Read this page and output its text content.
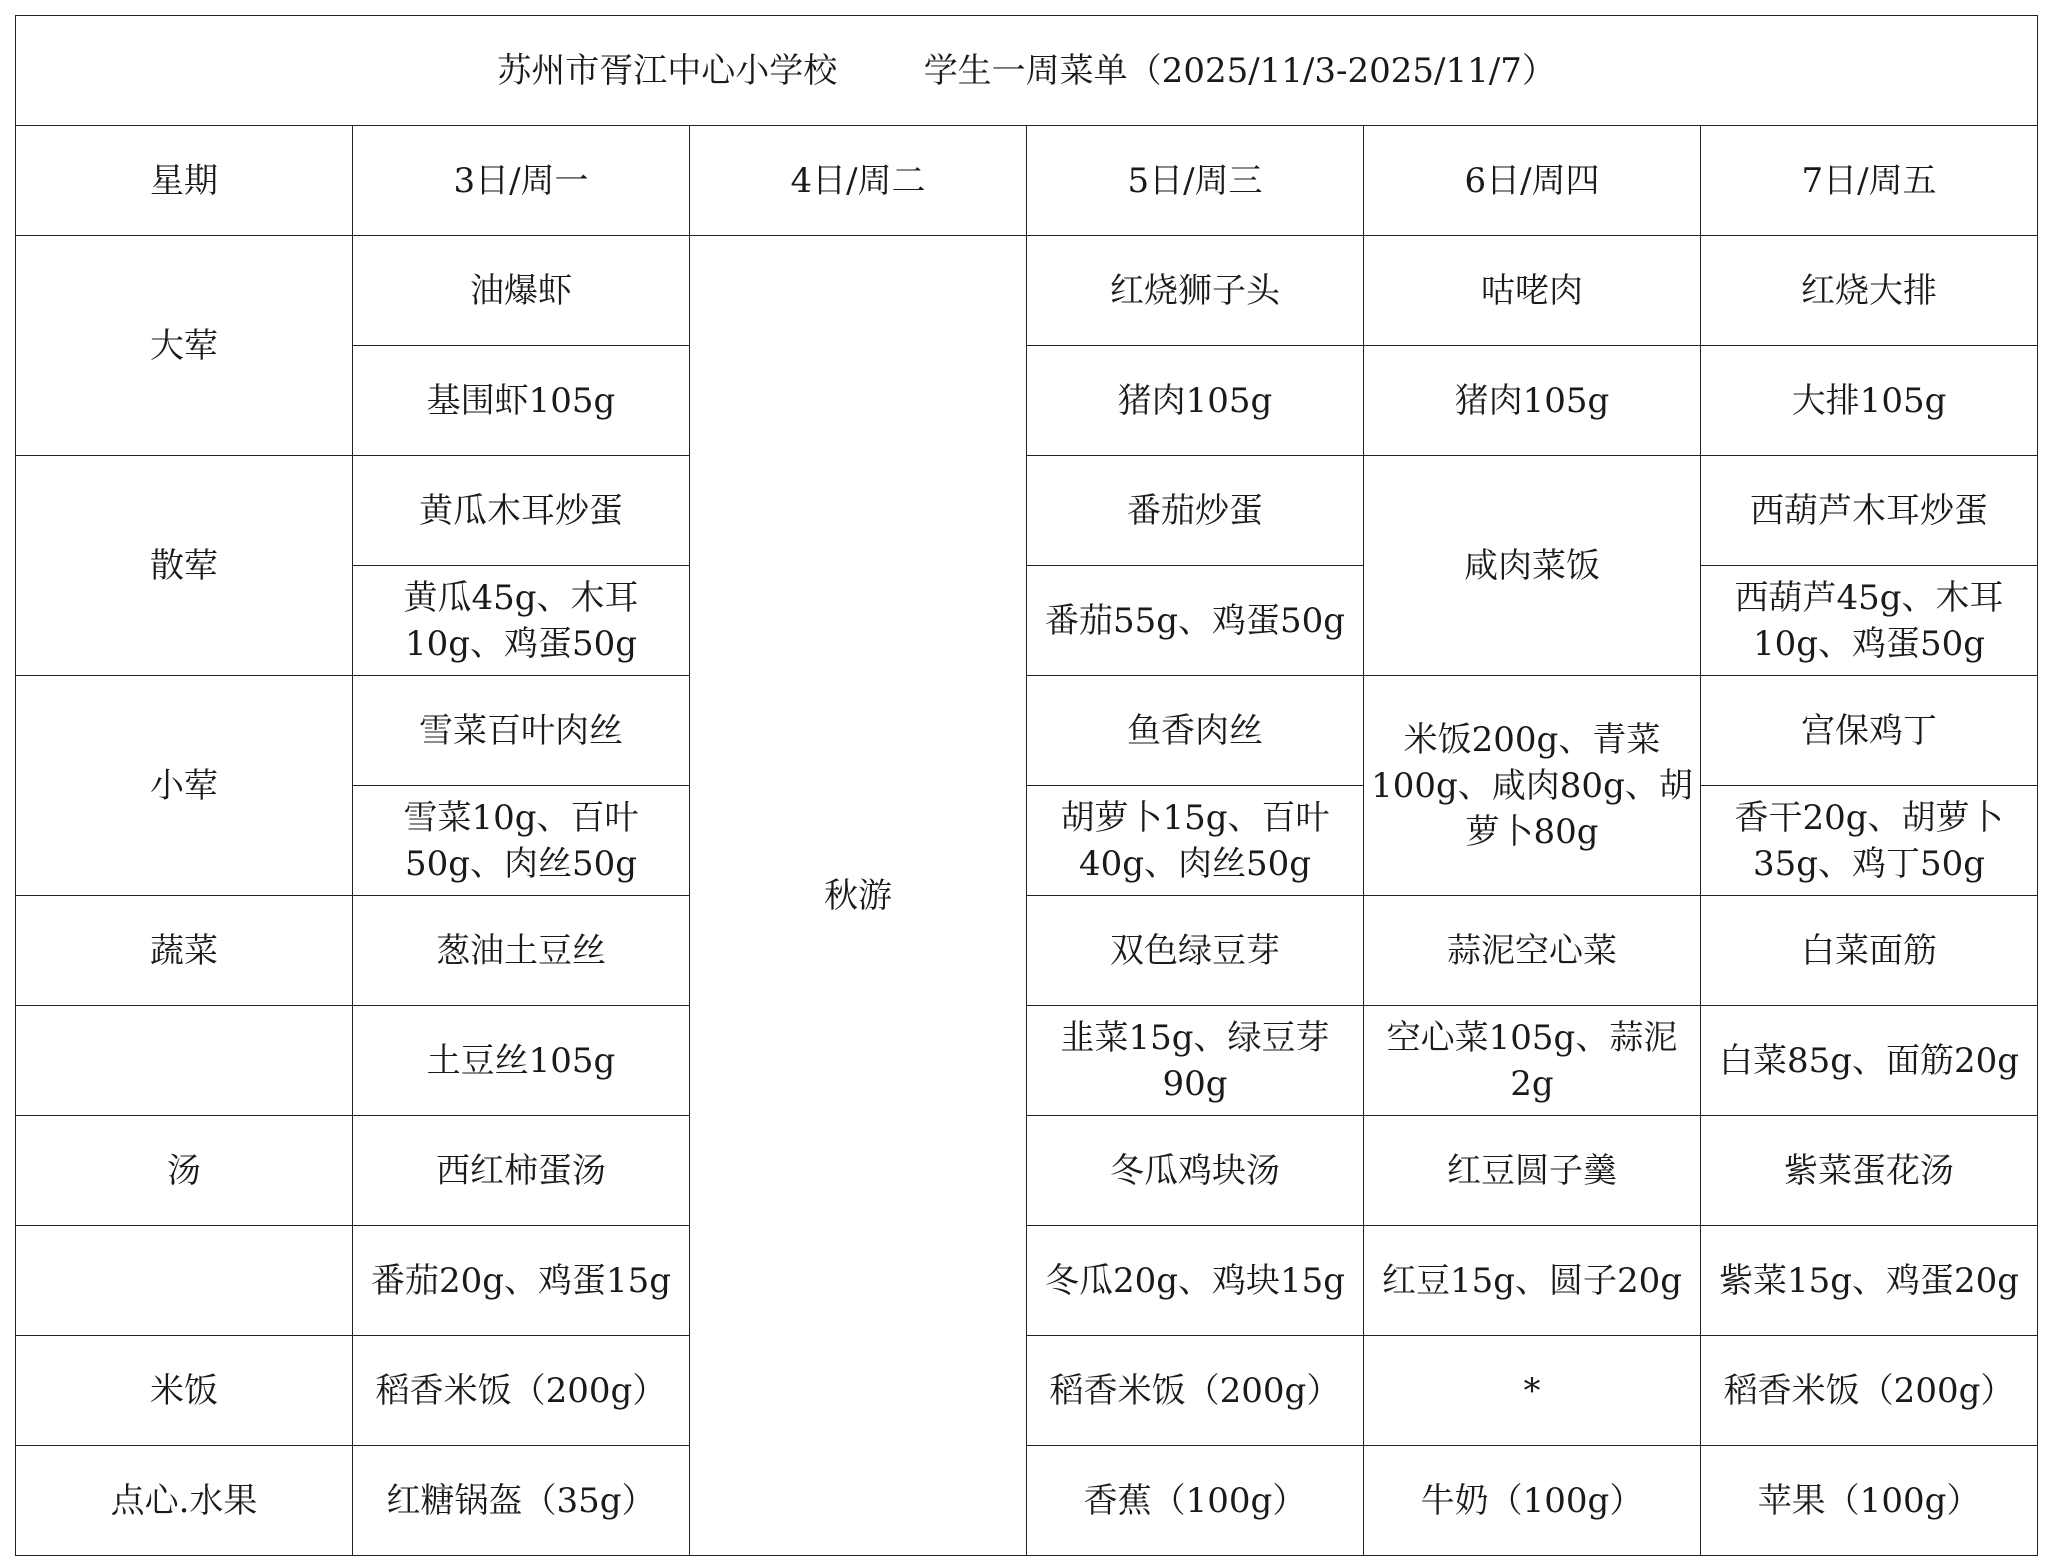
苏州市胥江中心小学校 学生一周菜单（2025/11/3-2025/11/7）					
星期	3日/周一	4日/周二	5日/周三	6日/周四	7日/周五
大荤	油爆虾	秋游	红烧狮子头	咕咾肉	红烧大排
	基围虾105g		猪肉105g	猪肉105g	大排105g
散荤	黄瓜木耳炒蛋		番茄炒蛋	咸肉菜饭	西葫芦木耳炒蛋
	黄瓜45g、木耳10g、鸡蛋50g		番茄55g、鸡蛋50g		西葫芦45g、木耳10g、鸡蛋50g
小荤	雪菜百叶肉丝		鱼香肉丝	米饭200g、青菜100g、咸肉80g、胡萝卜80g	宫保鸡丁
	雪菜10g、百叶50g、肉丝50g		胡萝卜15g、百叶40g、肉丝50g		香干20g、胡萝卜35g、鸡丁50g
蔬菜	葱油土豆丝		双色绿豆芽	蒜泥空心菜	白菜面筋
	土豆丝105g		韭菜15g、绿豆芽90g	空心菜105g、蒜泥2g	白菜85g、面筋20g
汤	西红柿蛋汤		冬瓜鸡块汤	红豆圆子羹	紫菜蛋花汤
	番茄20g、鸡蛋15g		冬瓜20g、鸡块15g	红豆15g、圆子20g	紫菜15g、鸡蛋20g
米饭	稻香米饭（200g）		稻香米饭（200g）	*	稻香米饭（200g）
点心.水果	红糖锅盔（35g）		香蕉（100g）	牛奶（100g）	苹果（100g）
